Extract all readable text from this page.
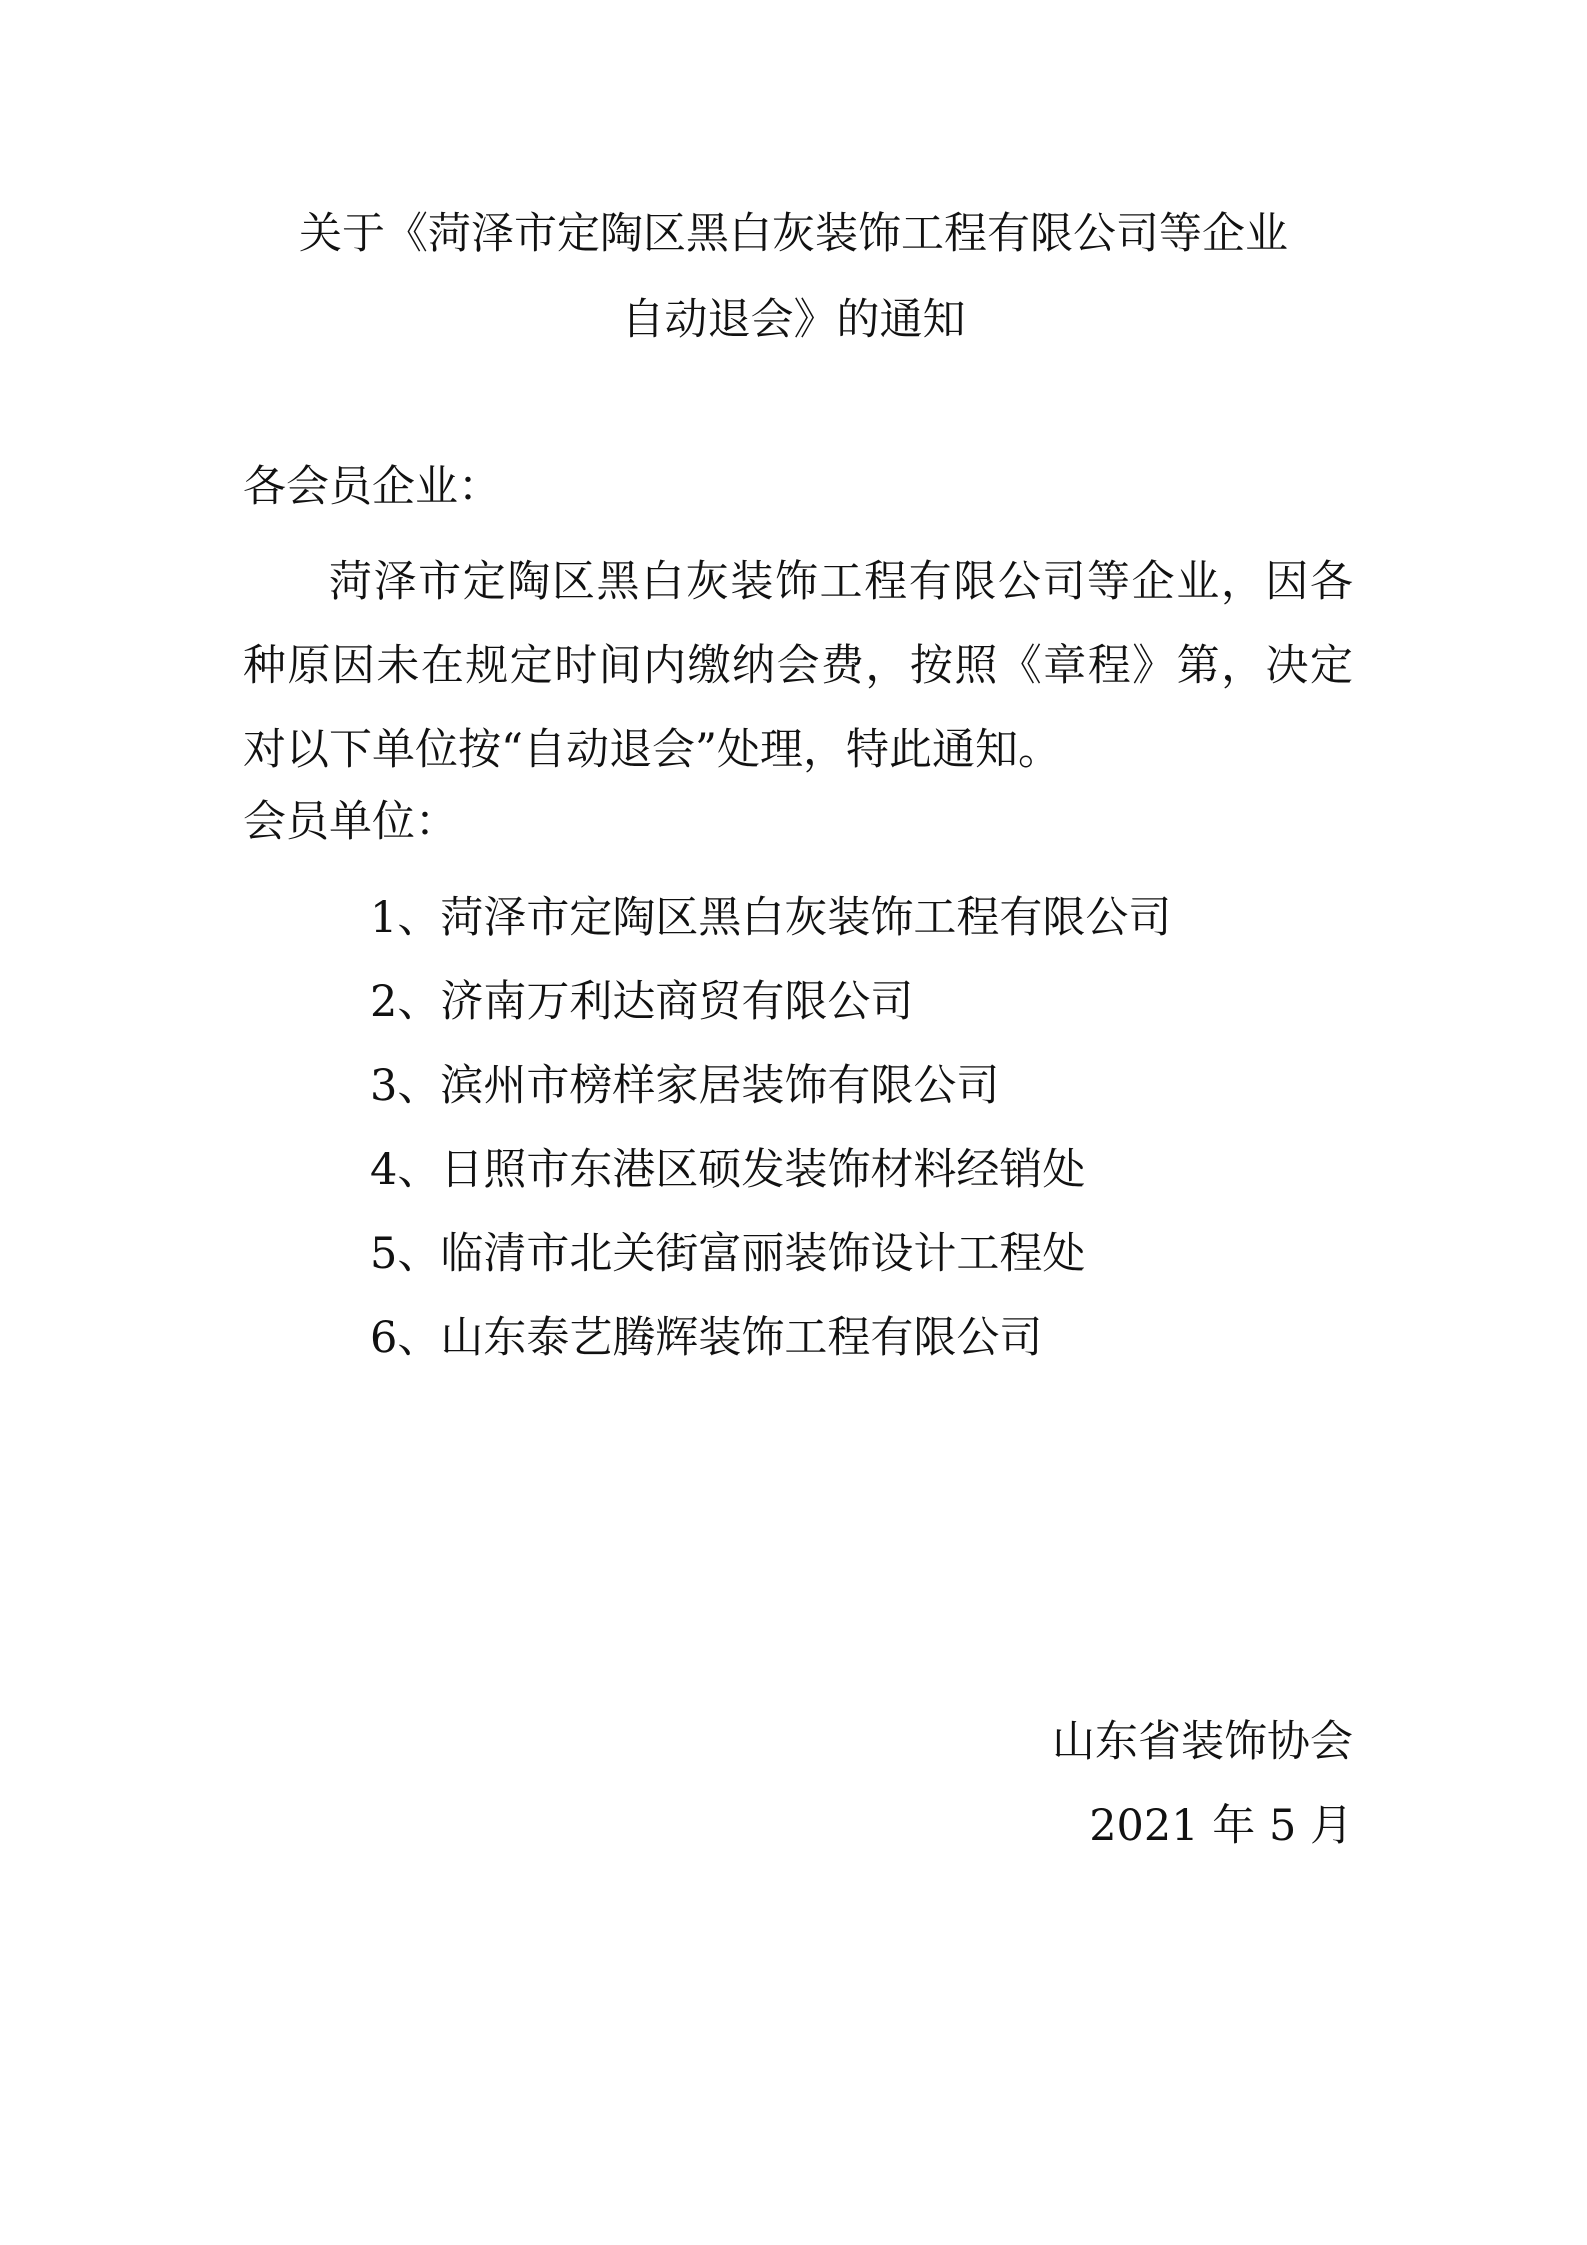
关于《菏泽市定陶区黑白灰装饰工程有限公司等企业
自动退会》的通知
各会员企业：

菏泽市定陶区黑白灰装饰工程有限公司等企业，因各种原因未在规定时间内缴纳会费，按照《章程》第，决定对以下单位按“自动退会”处理，特此通知。

会员单位：
1、菏泽市定陶区黑白灰装饰工程有限公司
2、济南万利达商贸有限公司
3、滨州市榜样家居装饰有限公司
4、日照市东港区硕发装饰材料经销处
5、临清市北关街富丽装饰设计工程处
6、山东泰艺腾辉装饰工程有限公司
山东省装饰协会
2021 年 5 月
